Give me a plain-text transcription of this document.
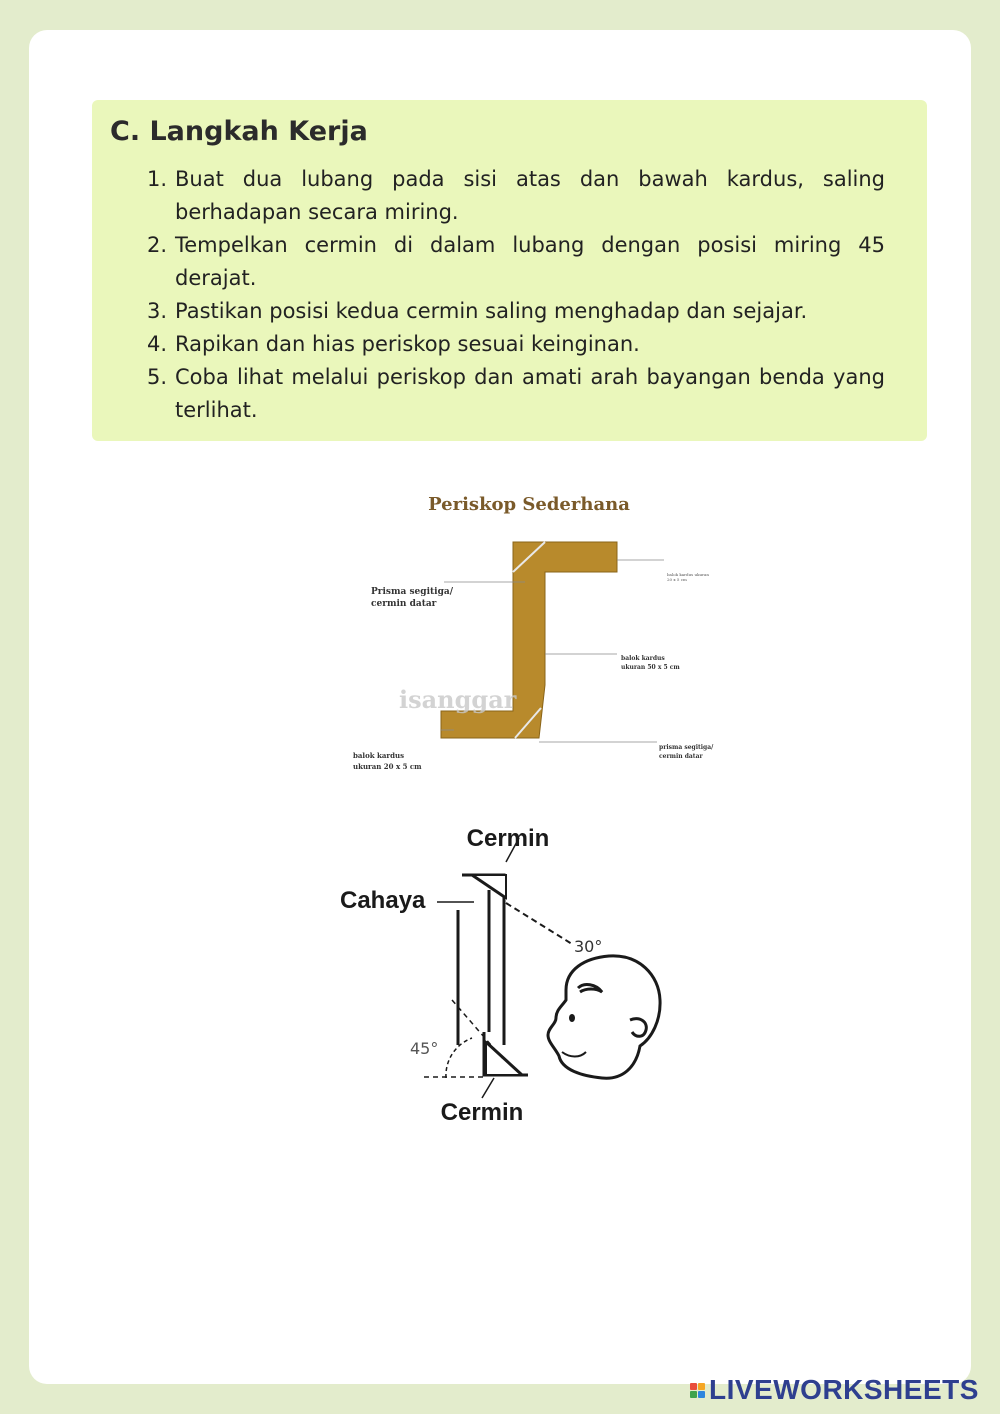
C. Langkah Kerja
1. Buat dua lubang pada sisi atas dan bawah kardus, saling berhadapan secara miring.
2. Tempelkan cermin di dalam lubang dengan posisi miring 45 derajat.
3. Pastikan posisi kedua cermin saling menghadap dan sejajar.
4. Rapikan dan hias periskop sesuai keinginan.
5. Coba lihat melalui periskop dan amati arah bayangan benda yang terlihat.
Periskop Sederhana
Prisma segitiga/
cermin datar
balok kardus ukuran
20 x 5 cm
balok kardus
ukuran 50 x 5 cm
isanggar
balok kardus
ukuran 20 x 5 cm
prisma segitiga/
cermin datar
Cermin
Cahaya
30°
45°
Cermin
LIVEWORKSHEETS
